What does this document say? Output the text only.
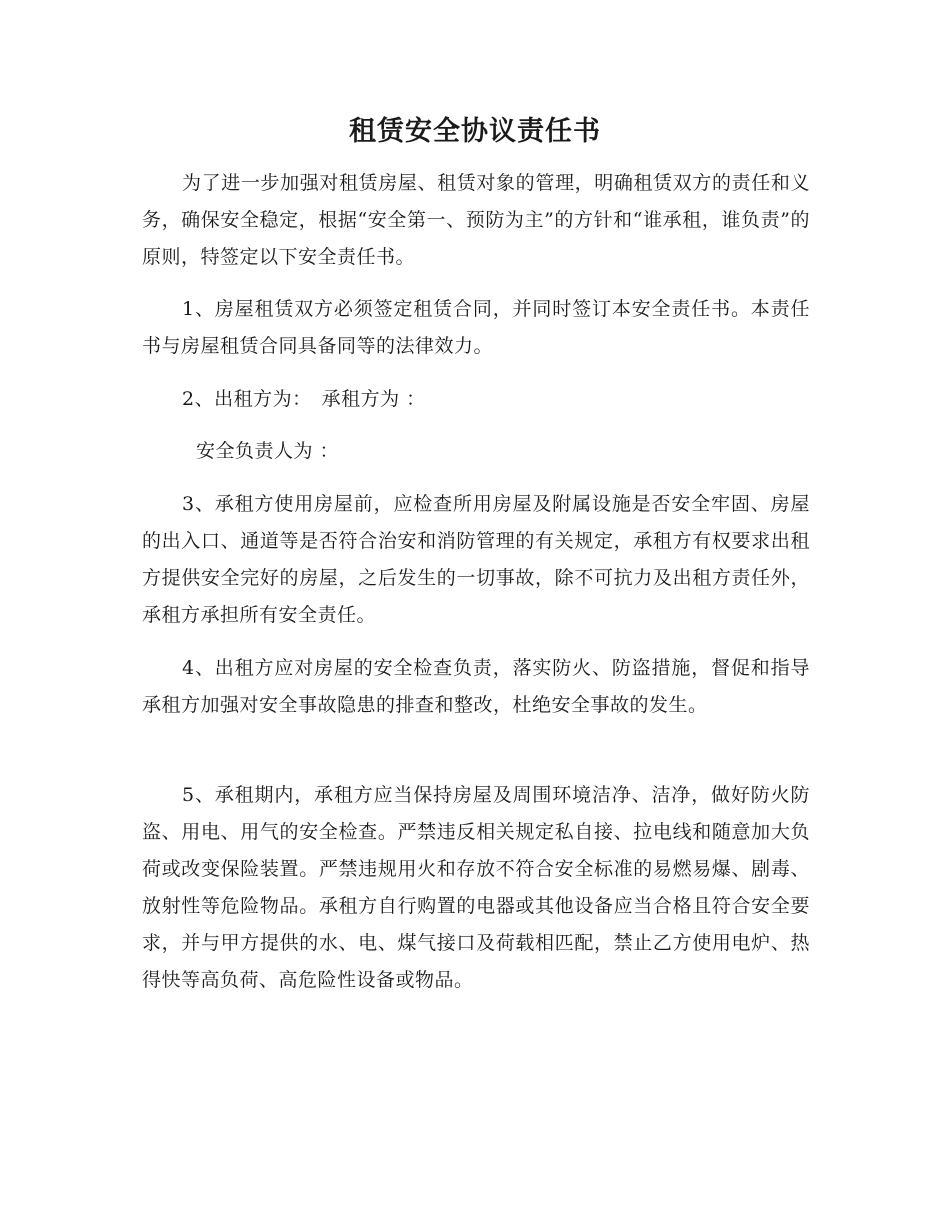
租赁安全协议责任书

为了进一步加强对租赁房屋、租赁对象的管理，明确租赁双方的责任和义务，确保安全稳定，根据“安全第一、预防为主”的方针和“谁承租，谁负责”的原则，特签定以下安全责任书。

1、房屋租赁双方必须签定租赁合同，并同时签订本安全责任书。本责任书与房屋租赁合同具备同等的法律效力。

2、出租方为：　承租方为 ：

安全负责人为 ：

3、承租方使用房屋前，应检查所用房屋及附属设施是否安全牢固、房屋的出入口、通道等是否符合治安和消防管理的有关规定，承租方有权要求出租方提供安全完好的房屋，之后发生的一切事故，除不可抗力及出租方责任外，承租方承担所有安全责任。

4、出租方应对房屋的安全检查负责，落实防火、防盗措施，督促和指导承租方加强对安全事故隐患的排查和整改，杜绝安全事故的发生。

5、承租期内，承租方应当保持房屋及周围环境洁净、洁净，做好防火防盗、用电、用气的安全检查。严禁违反相关规定私自接、拉电线和随意加大负荷或改变保险装置。严禁违规用火和存放不符合安全标准的易燃易爆、剧毒、放射性等危险物品。承租方自行购置的电器或其他设备应当合格且符合安全要求，并与甲方提供的水、电、煤气接口及荷载相匹配，禁止乙方使用电炉、热得快等高负荷、高危险性设备或物品。
